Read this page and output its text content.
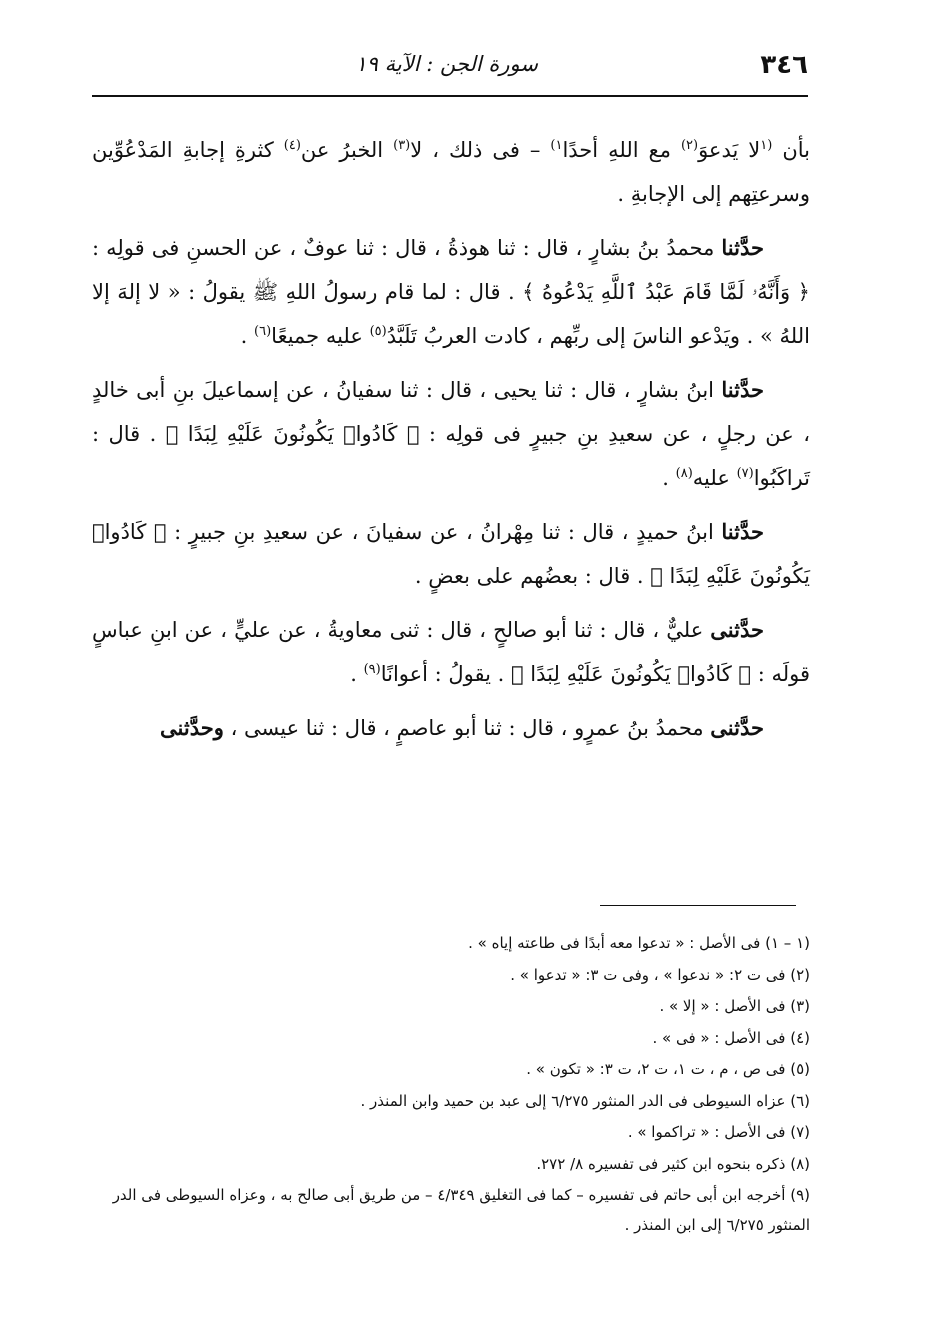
٣٤٦
سورة الجن : الآية ١٩

بأن $^{(١}$لا يَدعوَ$^{(٢)}$ مع اللهِ أحدًا$^{١)}$ – فى ذلك ، لا$^{(٣)}$ الخبرُ عن$^{(٤)}$ كثرةِ إجابةِ المَدْعُوِّين وسرعتِهم إلى الإجابةِ .

حدَّثنا محمدُ بنُ بشارٍ ، قال : ثنا هوذةُ ، قال : ثنا عوفٌ ، عن الحسنِ فى قولِه : ﴿ وَأَنَّهُۥ لَمَّا قَامَ عَبْدُ ٱللَّهِ يَدْعُوهُ ﴾ . قال : لما قام رسولُ اللهِ ﷺ يقولُ : « لا إلهَ إلا اللهُ » . ويَدْعو الناسَ إلى ربِّهم ، كادت العربُ تَلَبَّدُ$^{(٥)}$ عليه جميعًا$^{(٦)}$ .

حدَّثنا ابنُ بشارٍ ، قال : ثنا يحيى ، قال : ثنا سفيانُ ، عن إسماعيلَ بنِ أبى خالدٍ ، عن رجلٍ ، عن سعيدِ بنِ جبيرٍ فى قولِه : ﴿ كَادُوا۟ يَكُونُونَ عَلَيْهِ لِبَدًا ﴾ . قال : تَراكَبُوا$^{(٧)}$ عليه$^{(٨)}$ .

حدَّثنا ابنُ حميدٍ ، قال : ثنا مِهْرانُ ، عن سفيانَ ، عن سعيدِ بنِ جبيرٍ : ﴿ كَادُوا۟ يَكُونُونَ عَلَيْهِ لِبَدًا ﴾ . قال : بعضُهم على بعضٍ .

حدَّثنى عليٌّ ، قال : ثنا أبو صالحٍ ، قال : ثنى معاويةُ ، عن عليٍّ ، عن ابنِ عباسٍ قولَه : ﴿ كَادُوا۟ يَكُونُونَ عَلَيْهِ لِبَدًا ﴾ . يقولُ : أعوانًا$^{(٩)}$ .

حدَّثنى محمدُ بنُ عمرٍو ، قال : ثنا أبو عاصمٍ ، قال : ثنا عيسى ، وحدَّثنى

(١ – ١) فى الأصل : « تدعوا معه أبدًا فى طاعته إياه » .

(٢) فى ت ٢: « ندعوا » ، وفى ت ٣: « تدعوا » .

(٣) فى الأصل : « إلا » .

(٤) فى الأصل : « فى » .

(٥) فى ص ، م ، ت ١، ت ٢، ت ٣: « تكون » .

(٦) عزاه السيوطى فى الدر المنثور ٦/٢٧٥ إلى عبد بن حميد وابن المنذر .

(٧) فى الأصل : « تراكموا » .

(٨) ذكره بنحوه ابن كثير فى تفسيره ٨/ ٢٧٢.

(٩) أخرجه ابن أبى حاتم فى تفسيره – كما فى التغليق ٤/٣٤٩ – من طريق أبى صالح به ، وعزاه السيوطى فى الدر المنثور ٦/٢٧٥ إلى ابن المنذر .
